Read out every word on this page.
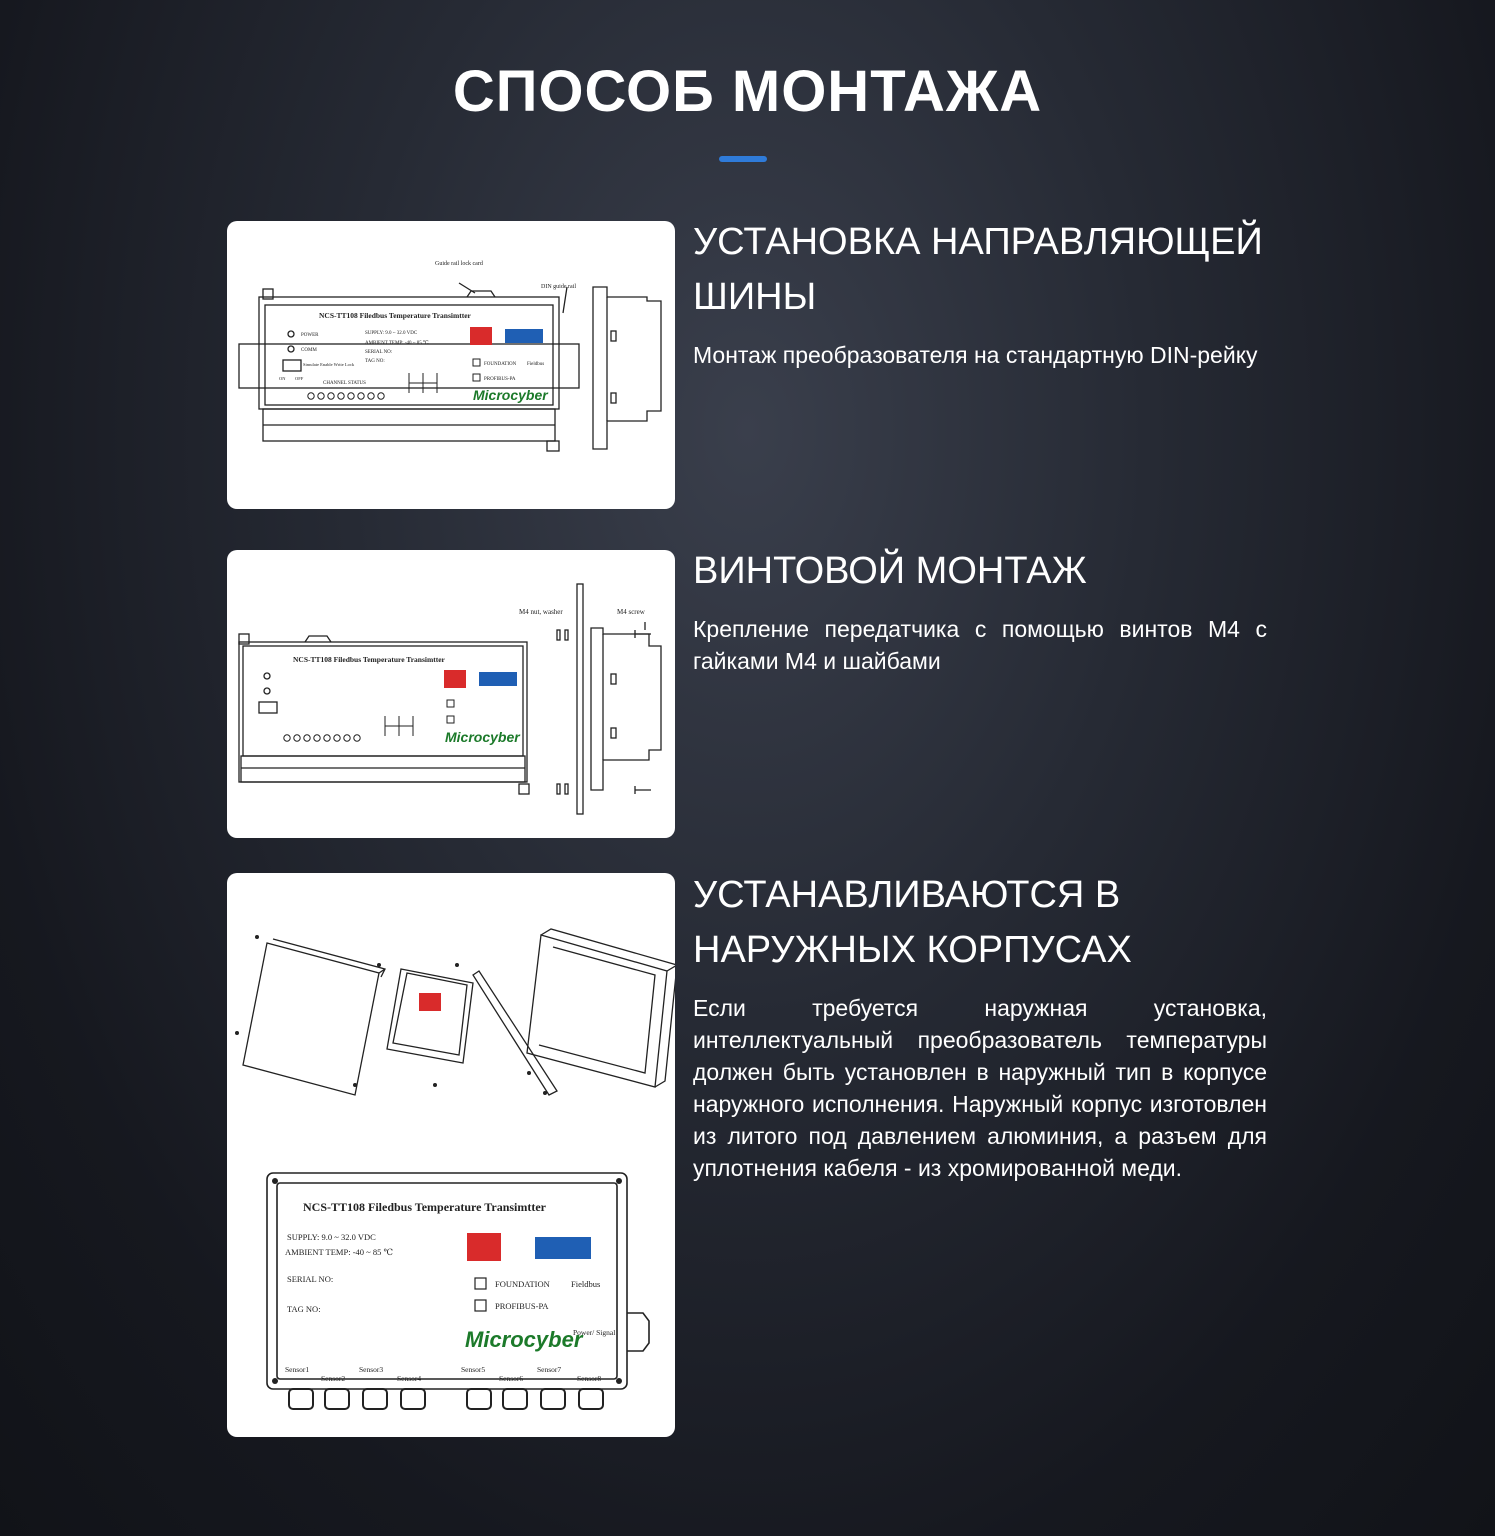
СПОСОБ МОНТАЖА
Guide rail lock card
DIN guide rail
NCS-TT108 Filedbus Temperature Transimtter
POWER
COMM
Simulate Enable Write Lock
ON OFF
CHANNEL STATUS
SUPPLY: 9.0 ~ 32.0 VDC
AMBIENT TEMP: -40 ~ 85 ℃
SERIAL NO:
TAG NO:
FOUNDATION Fieldbus
PROFIBUS-PA
Microcyber
УСТАНОВКА НАПРАВЛЯЮЩЕЙ ШИНЫ

Монтаж преобразователя на стандартную DIN-рейку

M4 nut, washer	M4 screw
NCS-TT108 Filedbus Temperature Transimtter
Microcyber
ВИНТОВОЙ МОНТАЖ

Крепление передатчика с помощью винтов M4 с гайками M4 и шайбами

NCS-TT108 Filedbus Temperature Transimtter
SUPPLY: 9.0 ~ 32.0 VDC
AMBIENT TEMP: -40 ~ 85 ℃
SERIAL NO:
TAG NO:
FOUNDATION Fieldbus
PROFIBUS-PA
Microcyber
Power/ Signal
Sensor1
Sensor2
Sensor3
Sensor4
Sensor5
Sensor6
Sensor7
Sensor8
УСТАНАВЛИВАЮТСЯ В НАРУЖНЫХ КОРПУСАХ

Если требуется наружная установка, интеллектуальный преобразователь температуры должен быть установлен в наружный тип в корпусе наружного исполнения. Наружный корпус изготовлен из литого под давлением алюминия, а разъем для уплотнения кабеля - из хромированной меди.
